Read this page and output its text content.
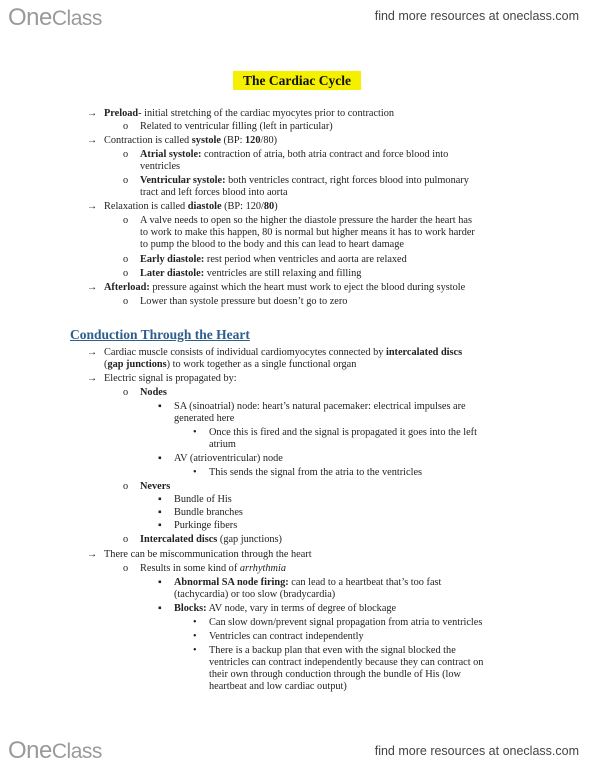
OneClass	find more resources at oneclass.com
The Cardiac Cycle
→ Preload- initial stretching of the cardiac myocytes prior to contraction
o Related to ventricular filling (left in particular)
→ Contraction is called systole (BP: 120/80)
o Atrial systole: contraction of atria, both atria contract and force blood into
ventricles
o Ventricular systole: both ventricles contract, right forces blood into pulmonary
tract and left forces blood into aorta
→ Relaxation is called diastole (BP: 120/80)
o A valve needs to open so the higher the diastole pressure the harder the heart has
to work to make this happen, 80 is normal but higher means it has to work harder
to pump the blood to the body and this can lead to heart damage
o Early diastole: rest period when ventricles and aorta are relaxed
o Later diastole: ventricles are still relaxing and filling
→ Afterload: pressure against which the heart must work to eject the blood during systole
o Lower than systole pressure but doesn’t go to zero
Conduction Through the Heart
→ Cardiac muscle consists of individual cardiomyocytes connected by intercalated discs
(gap junctions) to work together as a single functional organ
→ Electric signal is propagated by:
o Nodes
▪ SA (sinoatrial) node: heart’s natural pacemaker: electrical impulses are
generated here
• Once this is fired and the signal is propagated it goes into the left
atrium
▪ AV (atrioventricular) node
• This sends the signal from the atria to the ventricles
o Nevers
▪ Bundle of His
▪ Bundle branches
▪ Purkinge fibers
o Intercalated discs (gap junctions)
→ There can be miscommunication through the heart
o Results in some kind of arrhythmia
▪ Abnormal SA node firing: can lead to a heartbeat that’s too fast
(tachycardia) or too slow (bradycardia)
▪ Blocks: AV node, vary in terms of degree of blockage
• Can slow down/prevent signal propagation from atria to ventricles
• Ventricles can contract independently
• There is a backup plan that even with the signal blocked the
ventricles can contract independently because they can contract on
their own through conduction through the bundle of His (low
heartbeat and low cardiac output)
OneClass	find more resources at oneclass.com
